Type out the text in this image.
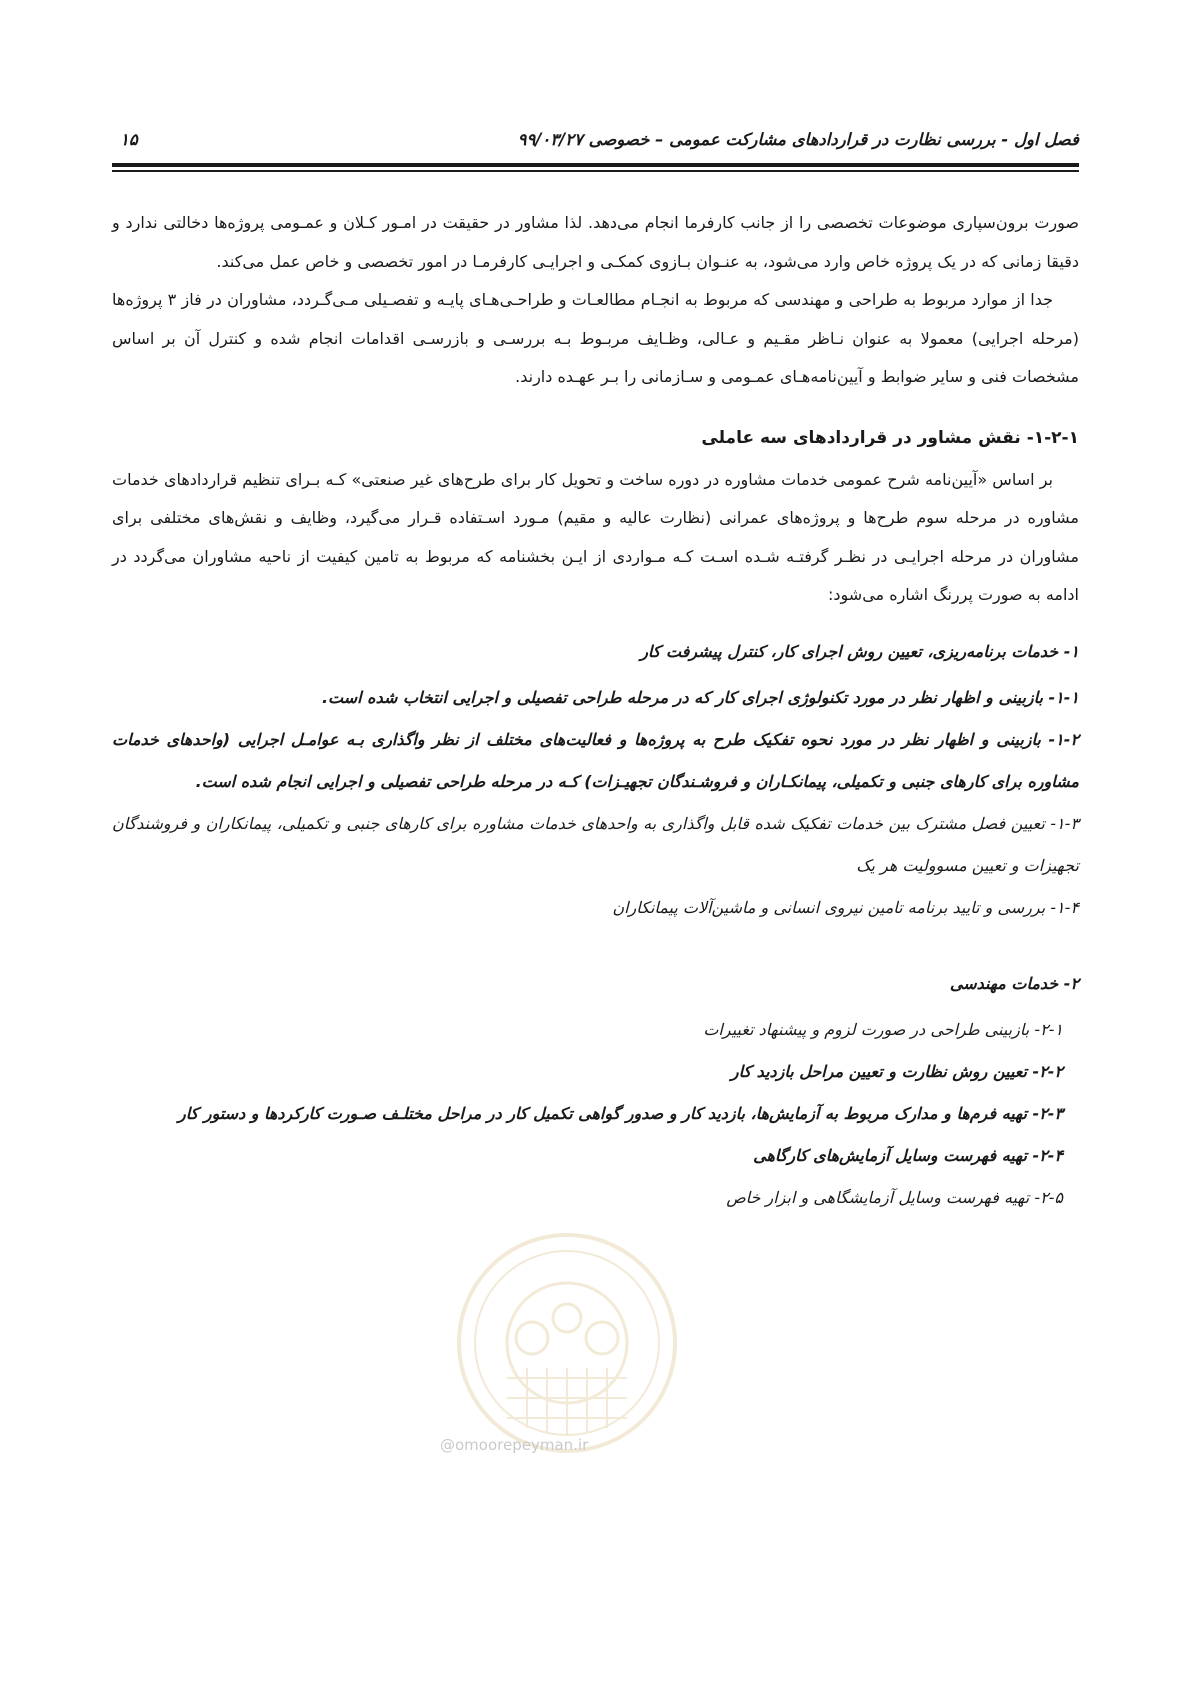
فصل اول - بررسی نظارت در قراردادهای مشارکت عمومی – خصوصی ۹۹/۰۳/۲۷
۱۵
@omoorepeyman.ir

صورت برون‌سپاری موضوعات تخصصی را از جانب کارفرما انجام می‌دهد. لذا مشاور در حقیقت در امـور کـلان و عمـومی پروژه‌ها دخالتی ندارد و دقیقا زمانی که در یک پروژه خاص وارد می‌شود، به عنـوان بـازوی کمکـی و اجرایـی کارفرمـا در امور تخصصی و خاص عمل می‌کند.

جدا از موارد مربوط به طراحی و مهندسی که مربوط به انجـام مطالعـات و طراحـی‌هـای پایـه و تفصـیلی مـی‌گـردد، مشاوران در فاز ۳ پروژه‌ها (مرحله اجرایی) معمولا به عنوان نـاظر مقـیم و عـالی، وظـایف مربـوط بـه بررسـی و بازرسـی اقدامات انجام شده و کنترل آن بر اساس مشخصات فنی و سایر ضوابط و آیین‌نامه‌هـای عمـومی و سـازمانی را بـر عهـده دارند.

۱-۲-۱- نقش مشاور در قراردادهای سه عاملی

بر اساس «آیین‌نامه شرح عمومی خدمات مشاوره در دوره ساخت و تحویل کار برای طرح‌های غیر صنعتی» کـه بـرای تنظیم قراردادهای خدمات مشاوره در مرحله سوم طرح‌ها و پروژه‌های عمرانی (نظارت عالیه و مقیم) مـورد اسـتفاده قـرار می‌گیرد، وظایف و نقش‌های مختلفی برای مشاوران در مرحله اجرایـی در نظـر گرفتـه شـده اسـت کـه مـواردی از ایـن بخشنامه که مربوط به تامین کیفیت از ناحیه مشاوران می‌گردد در ادامه به صورت پررنگ اشاره می‌شود:

۱- خدمات برنامه‌ریزی، تعیین روش اجرای کار، کنترل پیشرفت کار

۱-۱- بازبینی و اظهار نظر در مورد تکنولوژی اجرای کار که در مرحله طراحی تفصیلی و اجرایی انتخاب شده است.

۱-۲- بازبینی و اظهار نظر در مورد نحوه تفکیک طرح به پروژه‌ها و فعالیت‌های مختلف از نظر واگذاری بـه عوامـل اجرایی (واحدهای خدمات مشاوره برای کارهای جنبی و تکمیلی، پیمانکـاران و فروشـندگان تجهیـزات) کـه در مرحله طراحی تفصیلی و اجرایی انجام شده است.

۱-۳- تعیین فصل مشترک بین خدمات تفکیک شده قابل واگذاری به واحدهای خدمات مشاوره برای کارهای جنبی و تکمیلی، پیمانکاران و فروشندگان تجهیزات و تعیین مسوولیت هر یک

۱-۴- بررسی و تایید برنامه تامین نیروی انسانی و ماشین‌آلات پیمانکاران

۲- خدمات مهندسی

۲-۱- بازبینی طراحی در صورت لزوم و پیشنهاد تغییرات

۲-۲- تعیین روش نظارت و تعیین مراحل بازدید کار

۲-۳- تهیه فرم‌ها و مدارک مربوط به آزمایش‌ها، بازدید کار و صدور گواهی تکمیل کار در مراحل مختلـف صـورت کارکردها و دستور کار

۲-۴- تهیه فهرست وسایل آزمایش‌های کارگاهی

۲-۵- تهیه فهرست وسایل آزمایشگاهی و ابزار خاص
